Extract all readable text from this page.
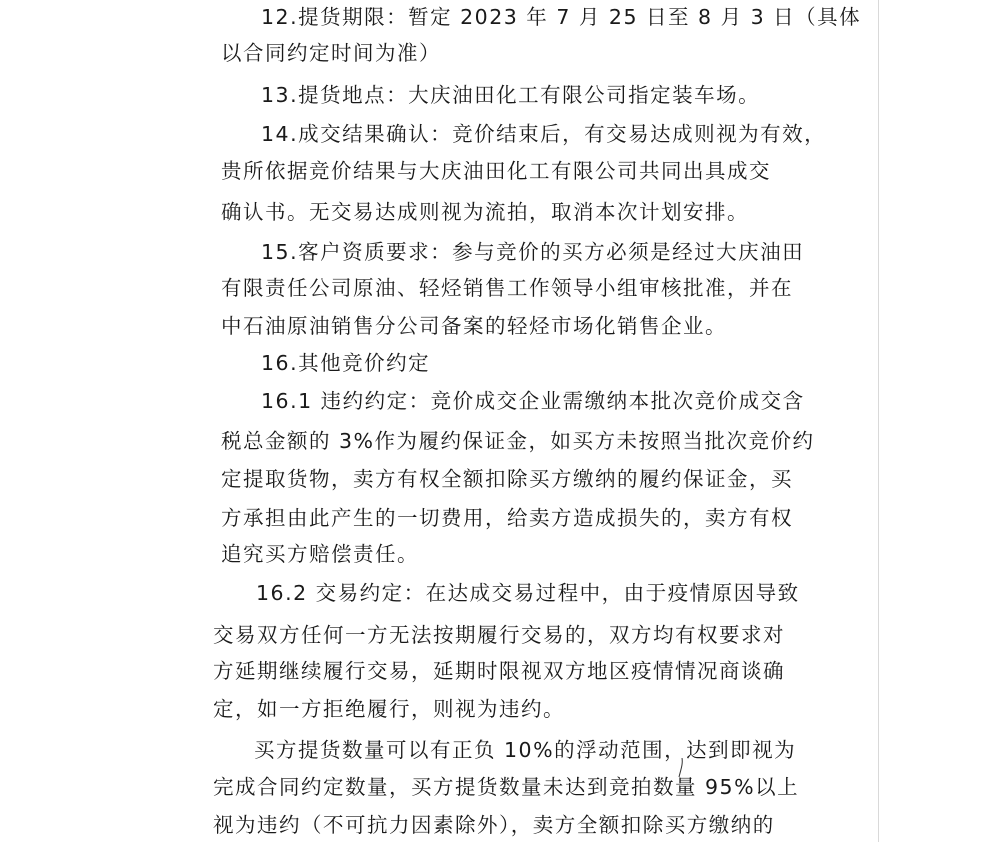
12.提货期限：暂定 2023 年 7 月 25 日至 8 月 3 日（具体
以合同约定时间为准）
13.提货地点：大庆油田化工有限公司指定装车场。
14.成交结果确认：竞价结束后，有交易达成则视为有效，
贵所依据竞价结果与大庆油田化工有限公司共同出具成交
确认书。无交易达成则视为流拍，取消本次计划安排。
15.客户资质要求：参与竞价的买方必须是经过大庆油田
有限责任公司原油、轻烃销售工作领导小组审核批准，并在
中石油原油销售分公司备案的轻烃市场化销售企业。
16.其他竞价约定
16.1 违约约定：竞价成交企业需缴纳本批次竞价成交含
税总金额的 3%作为履约保证金，如买方未按照当批次竞价约
定提取货物，卖方有权全额扣除买方缴纳的履约保证金，买
方承担由此产生的一切费用，给卖方造成损失的，卖方有权
追究买方赔偿责任。
16.2 交易约定：在达成交易过程中，由于疫情原因导致
交易双方任何一方无法按期履行交易的，双方均有权要求对
方延期继续履行交易，延期时限视双方地区疫情情况商谈确
定，如一方拒绝履行，则视为违约。
买方提货数量可以有正负 10%的浮动范围，达到即视为
完成合同约定数量，买方提货数量未达到竞拍数量 95%以上
视为违约（不可抗力因素除外），卖方全额扣除买方缴纳的
